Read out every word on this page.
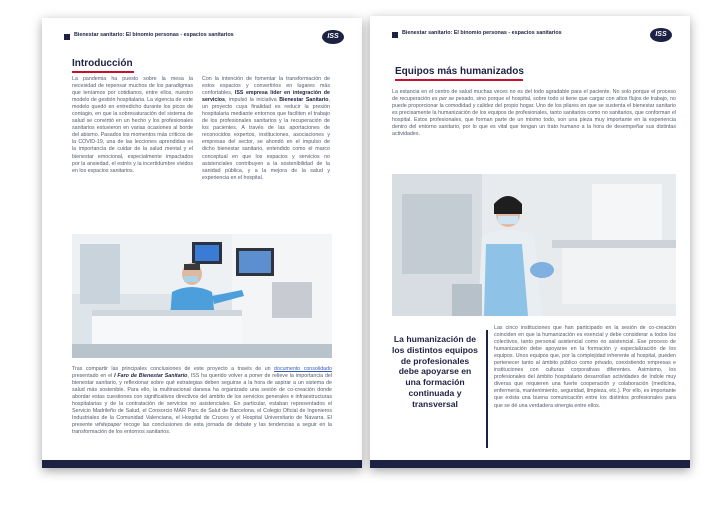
Bienestar sanitario: El binomio personas - espacios sanitarios	ISS
Introducción
La pandemia ha puesto sobre la mesa la necesidad de repensar muchos de los paradigmas que teníamos por cotidianos, entre ellos, nuestro modelo de gestión hospitalaria. La vigencia de este modelo quedó en entredicho durante los picos de contagio, en que la sobresaturación del sistema de salud se convirtió en un hecho y los profesionales sanitarios estuvieron en varias ocasiones al borde del abismo. Pasados los momentos más críticos de la COVID-19, una de las lecciones aprendidas es la importancia de cuidar de la salud mental y el bienestar emocional, especialmente impactados por la ansiedad, el estrés y la incertidumbre vividos en los espacios sanitarios.
Con la intención de fomentar la transformación de estos espacios y convertirlos en lugares más confortables, ISS empresa líder en integración de servicios, impulsó la iniciativa Bienestar Sanitario, un proyecto cuya finalidad es reducir la presión hospitalaria mediante entornos que faciliten el trabajo de los profesionales sanitarios y la recuperación de los pacientes. A través de las aportaciones de reconocidos expertos, instituciones, asociaciones y empresas del sector, se ahondó en el impulso de dicho bienestar sanitario, entendido como el marco conceptual en que los espacios y servicios no asistenciales contribuyen a la sostenibilidad de la sanidad pública, y a la mejora de la salud y experiencia en el hospital.
Tras compartir las principales conclusiones de este proyecto a través de un documento consolidado presentado en el I Faro de Bienestar Sanitario, ISS ha querido volver a poner de relieve la importancia del bienestar sanitario, y reflexionar sobre qué estrategias deben seguirse a la hora de aspirar a un sistema de salud más sostenible. Para ello, la multinacional danesa ha organizado una sesión de co-creación donde abordar estas cuestiones con significativos directivos del ámbito de los servicios generales e infraestructuras hospitalarias y de la contratación de servicios no asistenciales. En particular, estaban representados el Servicio Madrileño de Salud, el Consorcio MAR Parc de Salut de Barcelona, el Colegio Oficial de Ingenieros Industriales de la Comunidad Valenciana, el Hospital de Cruces y el Hospital Universitario de Navarra. El presente whitepaper recoge las conclusiones de esta jornada de debate y las tendencias a seguir en la transformación de los entornos sanitarios.
Bienestar sanitario: El binomio personas - espacios sanitarios	ISS
Equipos más humanizados
La estancia en el centro de salud muchas veces no es del todo agradable para el paciente. No solo porque el proceso de recuperación es per se pesado, sino porque el hospital, sobre todo si tiene que cargar con altos flujos de trabajo, no puede proporcionar la comodidad y calidez del propio hogar. Uno de los pilares en que se sustenta el bienestar sanitario es precisamente la humanización de los equipos de profesionales, tanto sanitarios como no sanitarios, que conforman el hospital. Estos profesionales, que forman parte de un mismo todo, son una pieza muy importante en la experiencia dentro del entorno sanitario, por lo que es vital que tengan un trato humano a la hora de desempeñar sus distintas actividades.
La humanización de los distintos equipos de profesionales debe apoyarse en una formación continuada y transversal
Las cinco instituciones que han participado en la sesión de co-creación coinciden en que la humanización es esencial y debe considerar a todos los colectivos, tanto personal asistencial como no asistencial. Ese proceso de humanización debe apoyarse en la formación y especialización de los equipos. Unos equipos que, por la complejidad inherente al hospital, pueden pertenecer tanto al ámbito público como privado, coexistiendo empresas e instituciones con culturas corporativas diferentes. Asimismo, los profesionales del ámbito hospitalario desarrollan actividades de índole muy diversa que requieren una fuerte cooperación y colaboración (medicina, enfermería, mantenimiento, seguridad, limpieza, etc.). Por ello, es importante que exista una buena comunicación entre los distintos profesionales para que se dé una verdadera sinergia entre ellos.
